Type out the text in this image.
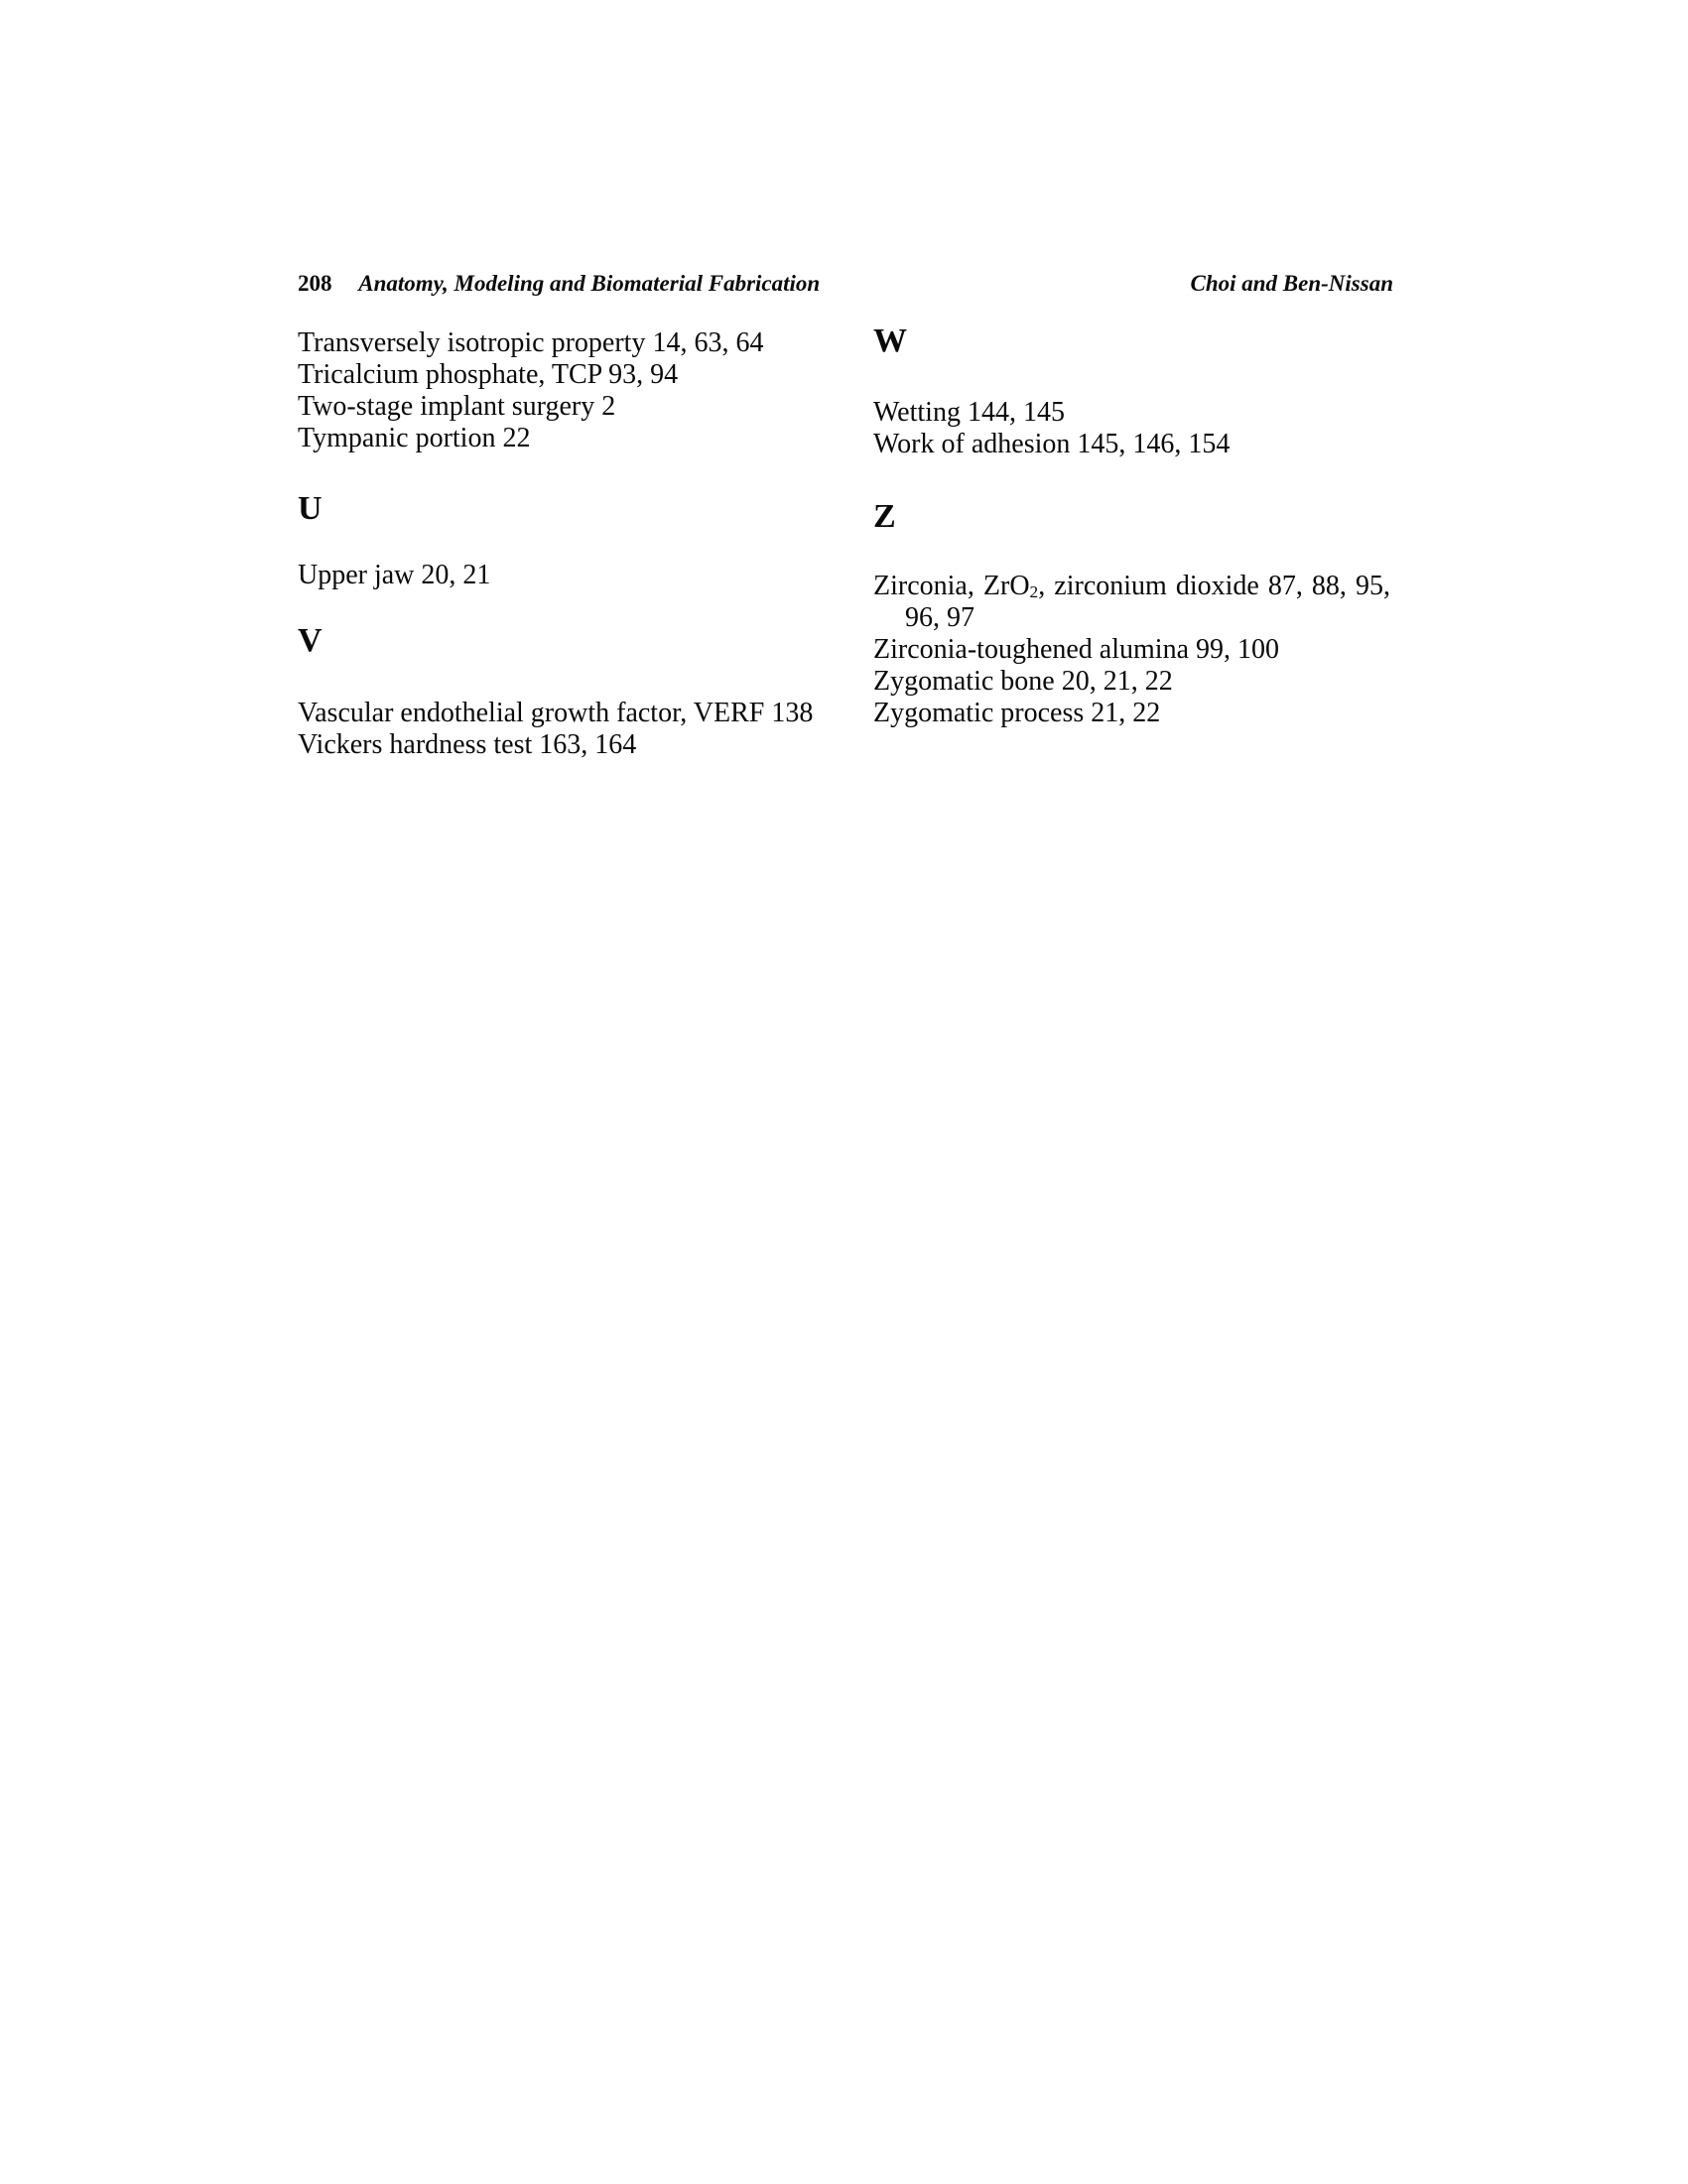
208 Anatomy, Modeling and Biomaterial Fabrication	Choi and Ben-Nissan
Transversely isotropic property 14, 63, 64
Tricalcium phosphate, TCP 93, 94
Two-stage implant surgery 2
Tympanic portion 22
U
Upper jaw 20, 21
V
Vascular endothelial growth factor, VERF 138
Vickers hardness test 163, 164
W
Wetting 144, 145
Work of adhesion 145, 146, 154
Z
Zirconia, ZrO$_2$, zirconium dioxide 87, 88, 95,
96, 97
Zirconia-toughened alumina 99, 100
Zygomatic bone 20, 21, 22
Zygomatic process 21, 22
